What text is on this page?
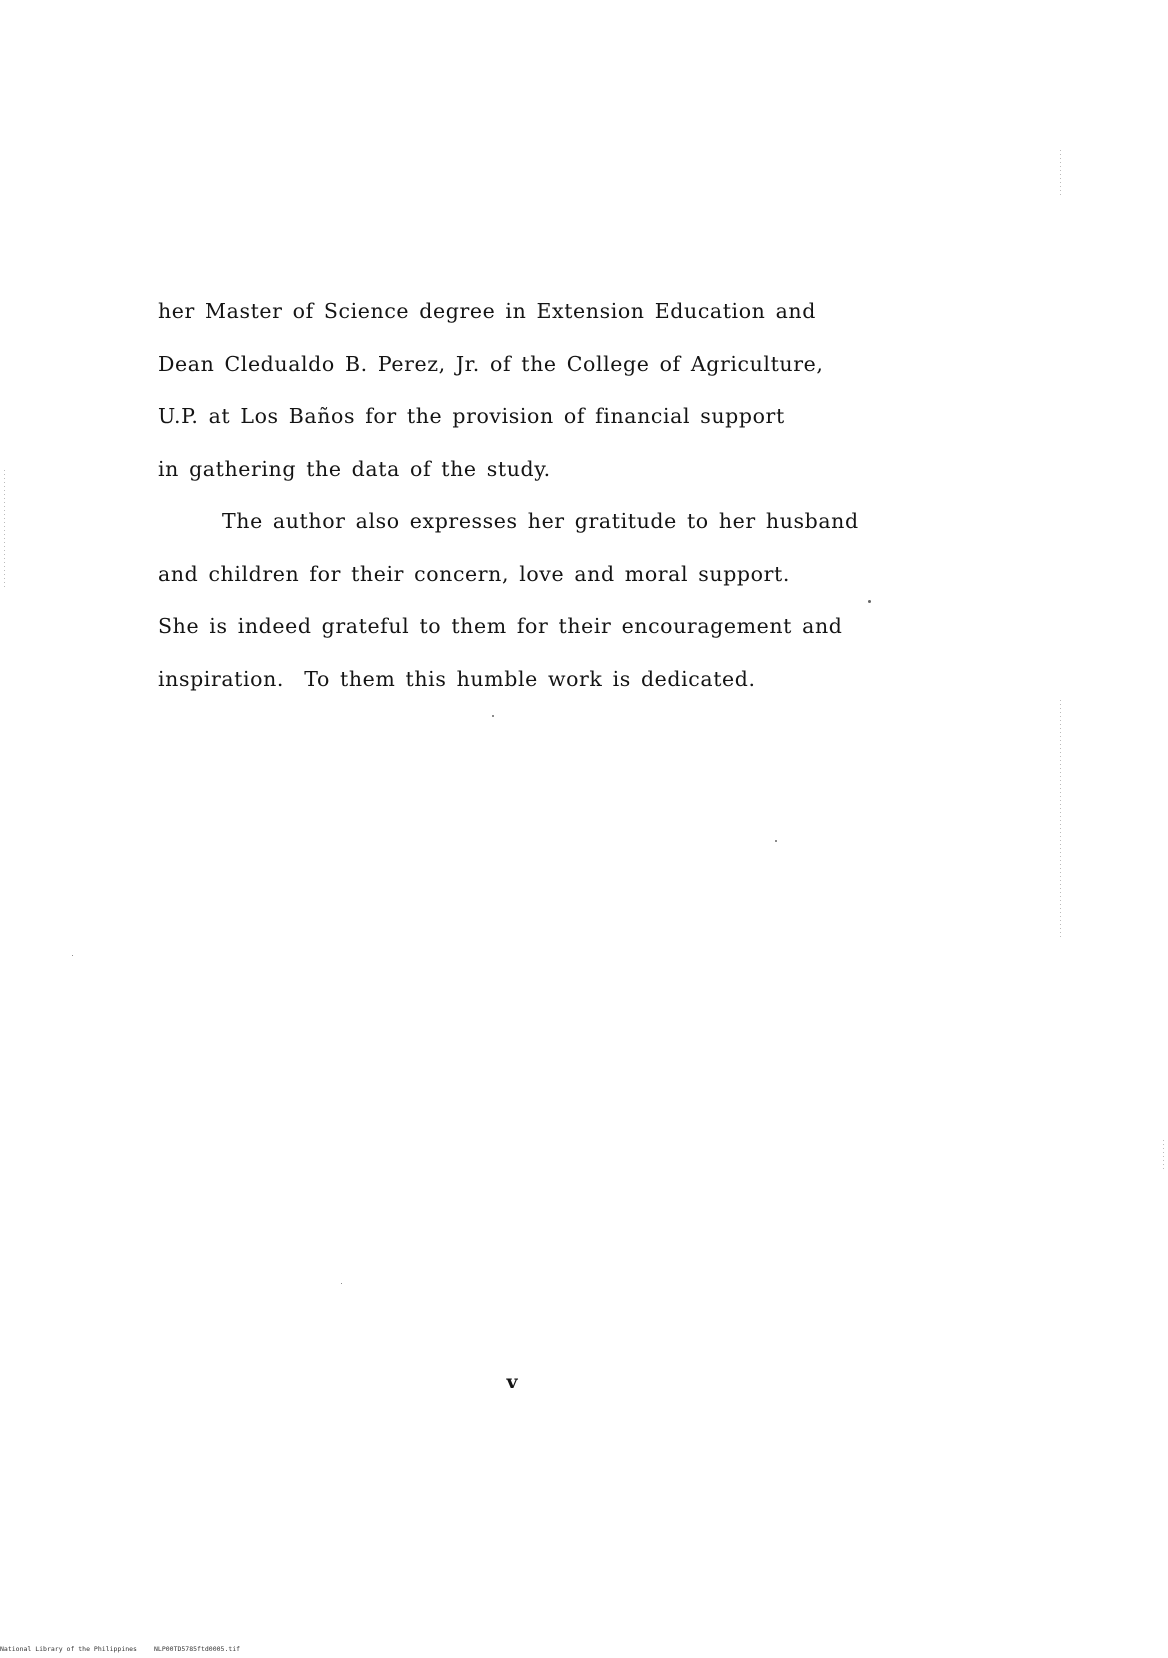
her Master of Science degree in Extension Education and
Dean Cledualdo B. Perez, Jr. of the College of Agriculture,
U.P. at Los Baños for the provision of financial support
in gathering the data of the study.
The author also expresses her gratitude to her husband
and children for their concern, love and moral support.
She is indeed grateful to them for their encouragement and
inspiration.  To them this humble work is dedicated.
v
National Library of the Philippines	NLP00TD5785ftd0005.tif
